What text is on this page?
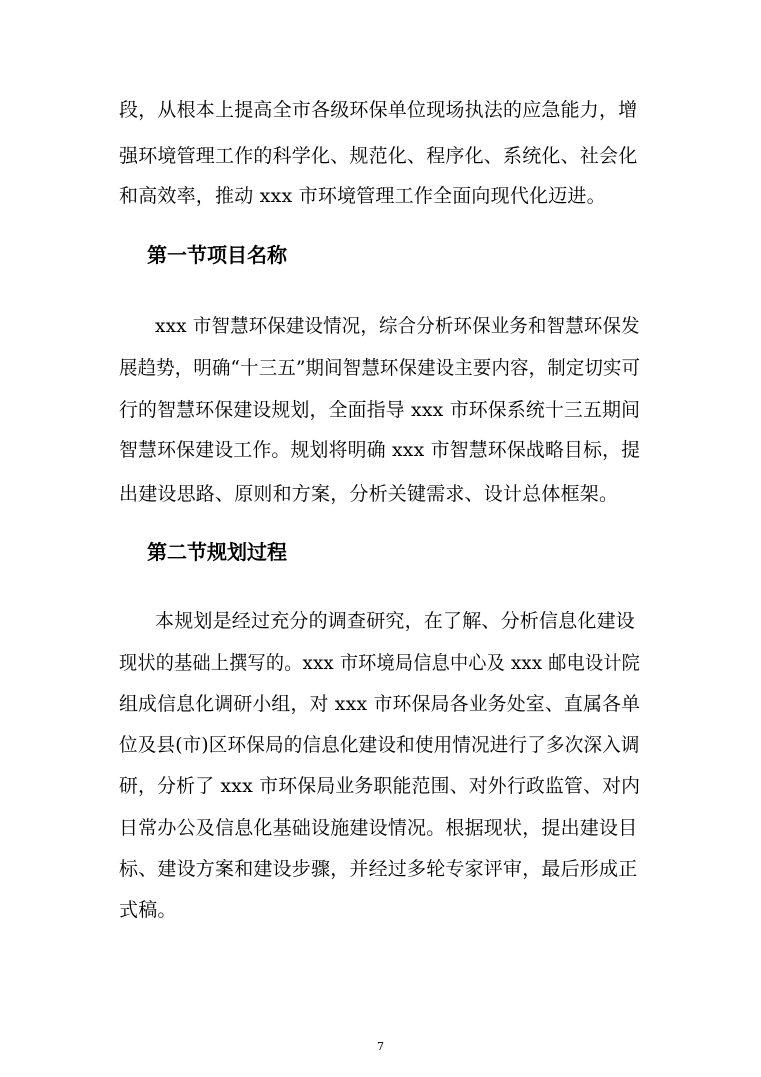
段，从根本上提高全市各级环保单位现场执法的应急能力，增
强环境管理工作的科学化、规范化、程序化、系统化、社会化
和高效率，推动 xxx 市环境管理工作全面向现代化迈进。
第一节项目名称
xxx 市智慧环保建设情况，综合分析环保业务和智慧环保发
展趋势，明确“十三五”期间智慧环保建设主要内容，制定切实可
行的智慧环保建设规划，全面指导 xxx 市环保系统十三五期间
智慧环保建设工作。规划将明确 xxx 市智慧环保战略目标，提
出建设思路、原则和方案，分析关键需求、设计总体框架。
第二节规划过程
本规划是经过充分的调查研究，在了解、分析信息化建设
现状的基础上撰写的。xxx 市环境局信息中心及 xxx 邮电设计院
组成信息化调研小组，对 xxx 市环保局各业务处室、直属各单
位及县(市)区环保局的信息化建设和使用情况进行了多次深入调
研，分析了 xxx 市环保局业务职能范围、对外行政监管、对内
日常办公及信息化基础设施建设情况。根据现状，提出建设目
标、建设方案和建设步骤，并经过多轮专家评审，最后形成正
式稿。
7
